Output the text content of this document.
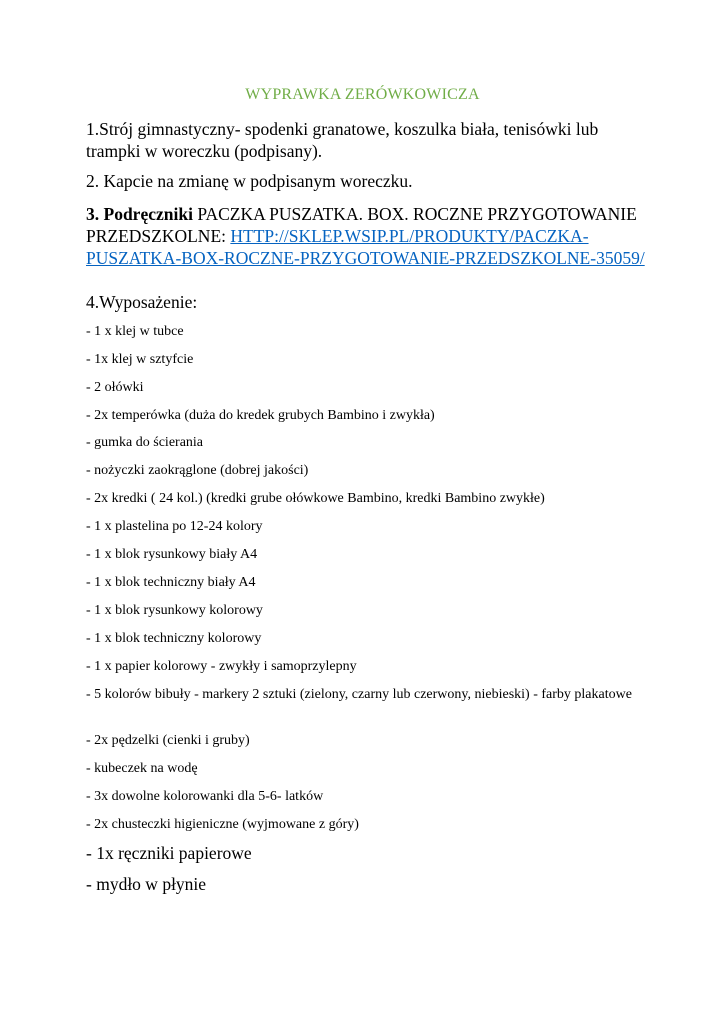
WYPRAWKA ZERÓWKOWICZA
1.Strój gimnastyczny- spodenki granatowe, koszulka biała, tenisówki lub trampki w woreczku (podpisany).
2. Kapcie na zmianę w podpisanym woreczku.
3. Podręczniki PACZKA PUSZATKA. BOX. ROCZNE PRZYGOTOWANIE PRZEDSZKOLNE: HTTP://SKLEP.WSIP.PL/PRODUKTY/PACZKA-PUSZATKA-BOX-ROCZNE-PRZYGOTOWANIE-PRZEDSZKOLNE-35059/
4.Wyposażenie:
- 1 x klej w tubce
- 1x klej w sztyfcie
- 2 ołówki
- 2x temperówka (duża do kredek grubych Bambino i zwykła)
- gumka do ścierania
- nożyczki zaokrąglone (dobrej jakości)
- 2x kredki ( 24 kol.) (kredki grube ołówkowe Bambino, kredki Bambino zwykłe)
- 1 x plastelina po 12-24 kolory
- 1 x blok rysunkowy biały A4
- 1 x blok techniczny biały A4
- 1 x blok rysunkowy kolorowy
- 1 x blok techniczny kolorowy
- 1 x papier kolorowy - zwykły i samoprzylepny
- 5 kolorów bibuły - markery 2 sztuki (zielony, czarny lub czerwony, niebieski) - farby plakatowe
- 2x pędzelki (cienki i gruby)
- kubeczek na wodę
- 3x dowolne kolorowanki dla 5-6- latków
- 2x chusteczki higieniczne (wyjmowane z góry)
- 1x ręczniki papierowe
- mydło w płynie
